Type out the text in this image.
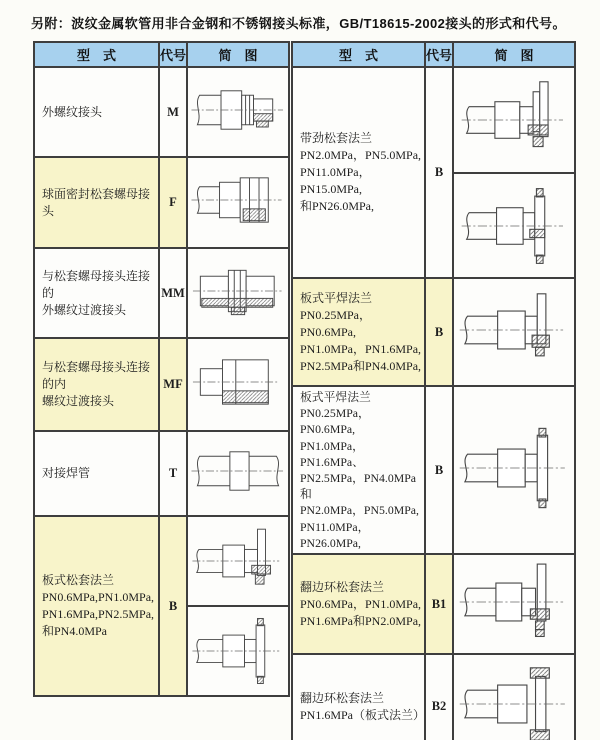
另附：波纹金属软管用非合金钢和不锈钢接头标准，GB/T18615-2002接头的形式和代号。
型　式	代号	简　图
外螺纹接头	M	
球面密封松套螺母接头	F	
与松套螺母接头连接的
外螺纹过渡接头	MM	
与松套螺母接头连接的内
螺纹过渡接头	MF	
对接焊管	T	
板式松套法兰
PN0.6MPa,PN1.0MPa,
PN1.6MPa,PN2.5MPa,
和PN4.0MPa	B	
型　式	代号	简　图
带劲松套法兰
PN2.0MPa，PN5.0MPa,
PN11.0MPa，PN15.0MPa,
和PN26.0MPa,	B	

板式平焊法兰
PN0.25MPa，PN0.6MPa,
PN1.0MPa，PN1.6MPa,
PN2.5MPa和PN4.0MPa,	B	
板式平焊法兰
PN0.25MPa，PN0.6MPa,
PN1.0MPa，PN1.6MPa、
PN2.5MPa，PN4.0MPa和
PN2.0MPa，PN5.0MPa,
PN11.0MPa，PN26.0MPa,	B	
翻边环松套法兰
PN0.6MPa，PN1.0MPa,
PN1.6MPa和PN2.0MPa,	B1	
翻边环松套法兰
PN1.6MPa（板式法兰）	B2	
